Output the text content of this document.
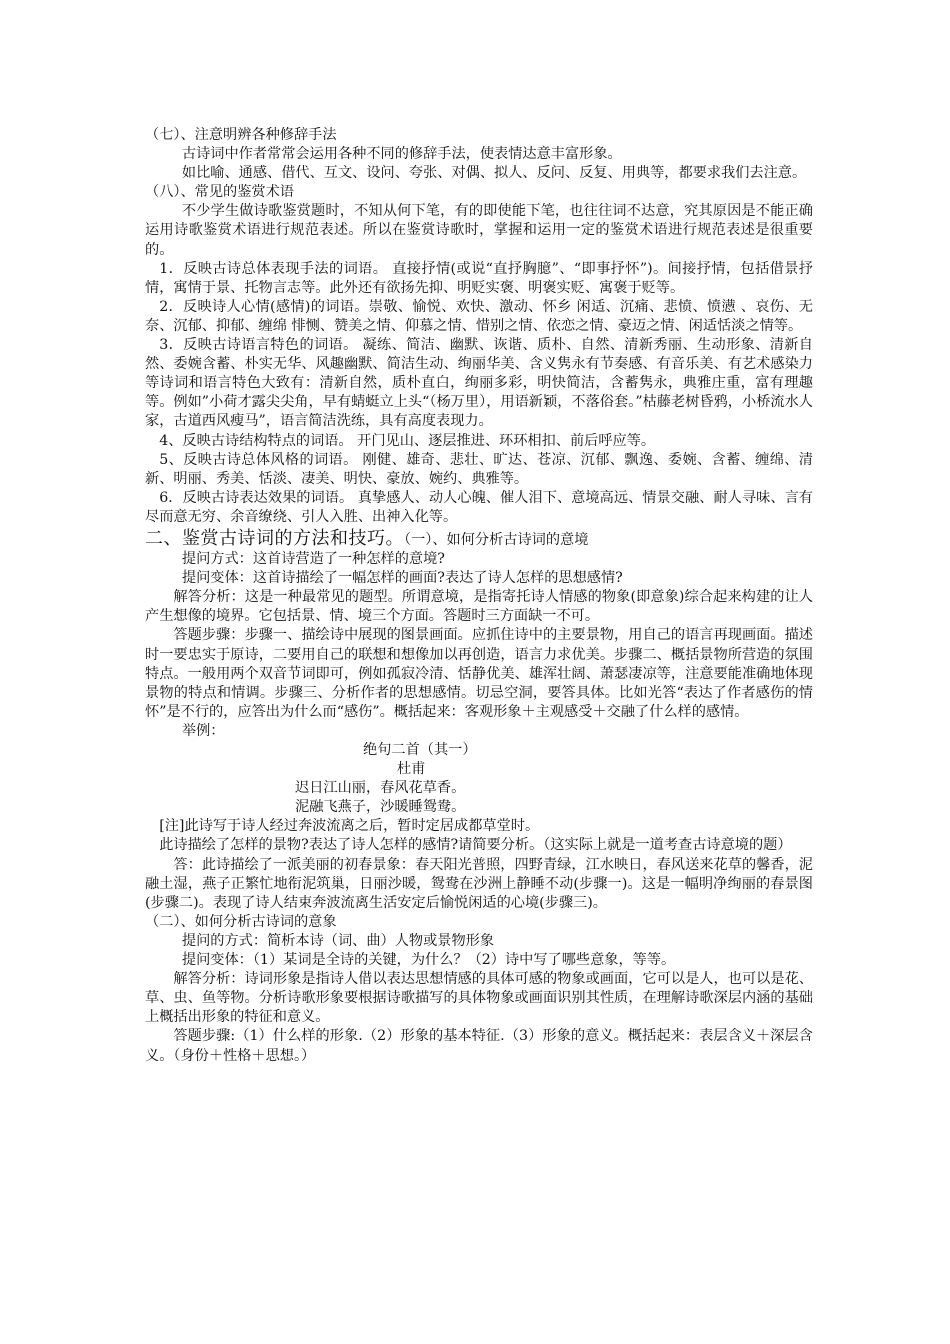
（七）、注意明辨各种修辞手法

古诗词中作者常常会运用各种不同的修辞手法，使表情达意丰富形象。

如比喻、通感、借代、互文、设问、夸张、对偶、拟人、反问、反复、用典等，都要求我们去注意。

（八）、常见的鉴赏术语

不少学生做诗歌鉴赏题时，不知从何下笔，有的即使能下笔，也往往词不达意，究其原因是不能正确运用诗歌鉴赏术语进行规范表述。所以在鉴赏诗歌时，掌握和运用一定的鉴赏术语进行规范表述是很重要的。

1．反映古诗总体表现手法的词语。 直接抒情(或说“直抒胸臆”、“即事抒怀”)。间接抒情，包括借景抒情，寓情于景、托物言志等。此外还有欲扬先抑、明贬实褒、明褒实贬、寓褒于贬等。

2．反映诗人心情(感情)的词语。崇敬、愉悦、欢快、激动、怀乡 闲适、沉痛、悲愤、愤懑 、哀伤、无奈、沉郁、抑郁、缠绵 悱恻、赞美之情、仰慕之情、惜别之情、依恋之情、豪迈之情、闲适恬淡之情等。

3．反映古诗语言特色的词语。 凝练、简洁、幽默、诙谐、质朴、自然、清新秀丽、生动形象、清新自然、委婉含蓄、朴实无华、风趣幽默、简洁生动、绚丽华美、含义隽永有节奏感、有音乐美、有艺术感染力等诗词和语言特色大致有：清新自然，质朴直白，绚丽多彩，明快简洁，含蓄隽永，典雅庄重，富有理趣等。例如”小荷才露尖尖角，早有蜻蜓立上头“（杨万里），用语新颖，不落俗套。”枯藤老树昏鸦，小桥流水人家，古道西风瘦马”，语言简洁洗练，具有高度表现力。

4、反映古诗结构特点的词语。 开门见山、逐层推进、环环相扣、前后呼应等。

5、反映古诗总体风格的词语。 刚健、雄奇、悲壮、旷达、苍凉、沉郁、飘逸、委婉、含蓄、缠绵、清新、明丽、秀美、恬淡、凄美、明快、豪放、婉约、典雅等。

6．反映古诗表达效果的词语。 真挚感人、动人心魄、催人泪下、意境高远、情景交融、耐人寻味、言有尽而意无穷、余音缭绕、引人入胜、出神入化等。

二、鉴赏古诗词的方法和技巧。（一）、如何分析古诗词的意境

提问方式：这首诗营造了一种怎样的意境?

提问变体：这首诗描绘了一幅怎样的画面?表达了诗人怎样的思想感情?

解答分析：这是一种最常见的题型。所谓意境，是指寄托诗人情感的物象(即意象)综合起来构建的让人产生想像的境界。它包括景、情、境三个方面。答题时三方面缺一不可。

答题步骤：步骤一、描绘诗中展现的图景画面。应抓住诗中的主要景物，用自己的语言再现画面。描述时一要忠实于原诗，二要用自己的联想和想像加以再创造，语言力求优美。步骤二、概括景物所营造的氛围特点。一般用两个双音节词即可，例如孤寂冷清、恬静优美、雄浑壮阔、萧瑟凄凉等，注意要能准确地体现景物的特点和情调。步骤三、分析作者的思想感情。切忌空洞，要答具体。比如光答“表达了作者感伤的情怀”是不行的，应答出为什么而“感伤”。概括起来：客观形象＋主观感受＋交融了什么样的感情。

举例：

绝句二首（其一）

杜甫

迟日江山丽，春风花草香。

泥融飞燕子，沙暖睡鸳鸯。

[注]此诗写于诗人经过奔波流离之后，暂时定居成都草堂时。

此诗描绘了怎样的景物?表达了诗人怎样的感情?请简要分析。（这实际上就是一道考查古诗意境的题）

答：此诗描绘了一派美丽的初春景象：春天阳光普照，四野青绿，江水映日，春风送来花草的馨香，泥融土湿，燕子正繁忙地衔泥筑巢，日丽沙暖，鸳鸯在沙洲上静睡不动(步骤一)。这是一幅明净绚丽的春景图(步骤二)。表现了诗人结束奔波流离生活安定后愉悦闲适的心境(步骤三)。

（二）、如何分析古诗词的意象

提问的方式：简析本诗（词、曲）人物或景物形象

提问变体：（1）某词是全诗的关键，为什么？（2）诗中写了哪些意象，等等。

解答分析：诗词形象是指诗人借以表达思想情感的具体可感的物象或画面，它可以是人，也可以是花、草、虫、鱼等物。分析诗歌形象要根据诗歌描写的具体物象或画面识别其性质，在理解诗歌深层内涵的基础上概括出形象的特征和意义。

答题步骤:（1）什么样的形象.（2）形象的基本特征.（3）形象的意义。概括起来：表层含义＋深层含义。（身份＋性格＋思想。）
